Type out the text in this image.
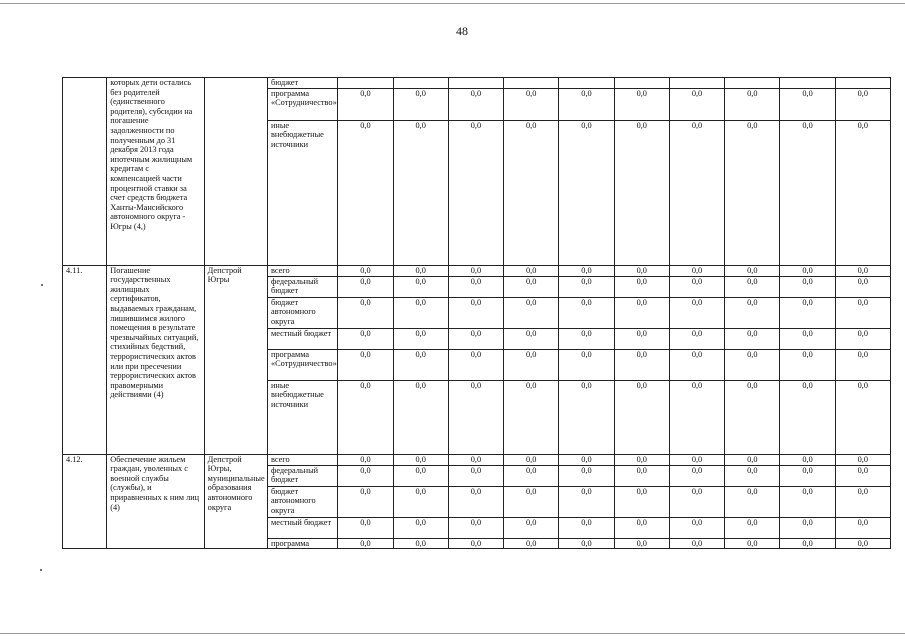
48
	которых дети остались без родителей (единственного родителя), субсидии на погашение задолженности по полученным до 31 декабря 2013 года ипотечным жилищным кредитам с компенсацией части процентной ставки за счет средств бюджета Ханты-Мансийского автономного округа - Югры (4,)		бюджет	

			программа «Сотрудничество»	0,0	0,0	0,0	0,0	0,0	0,0	0,0	0,0	0,0	0,0

			иные внебюджетные источники	0,0	0,0	0,0	0,0	0,0	0,0	0,0	0,0	0,0	0,0

4.11.	Погашение государственных жилищных сертификатов, выдаваемых гражданам, лишившимся жилого помещения в результате чрезвычайных ситуаций, стихийных бедствий, террористических актов или при пресечении террористических актов правомерными действиями (4)	Депстрой Югры	всего	0,0	0,0	0,0	0,0	0,0	0,0	0,0	0,0	0,0	0,0

			федеральный бюджет	0,0	0,0	0,0	0,0	0,0	0,0	0,0	0,0	0,0	0,0

			бюджет автономного округа	0,0	0,0	0,0	0,0	0,0	0,0	0,0	0,0	0,0	0,0

			местный бюджет	0,0	0,0	0,0	0,0	0,0	0,0	0,0	0,0	0,0	0,0

			программа «Сотрудничество»	0,0	0,0	0,0	0,0	0,0	0,0	0,0	0,0	0,0	0,0

			иные внебюджетные источники	0,0	0,0	0,0	0,0	0,0	0,0	0,0	0,0	0,0	0,0

4.12.	Обеспечение жильем граждан, уволенных с военной службы (службы), и приравненных к ним лиц (4)	Депстрой Югры, муниципальные образования автономного округа	всего	0,0	0,0	0,0	0,0	0,0	0,0	0,0	0,0	0,0	0,0

			федеральный бюджет	0,0	0,0	0,0	0,0	0,0	0,0	0,0	0,0	0,0	0,0

			бюджет автономного округа	0,0	0,0	0,0	0,0	0,0	0,0	0,0	0,0	0,0	0,0

			местный бюджет	0,0	0,0	0,0	0,0	0,0	0,0	0,0	0,0	0,0	0,0

			программа	0,0	0,0	0,0	0,0	0,0	0,0	0,0	0,0	0,0	0,0
